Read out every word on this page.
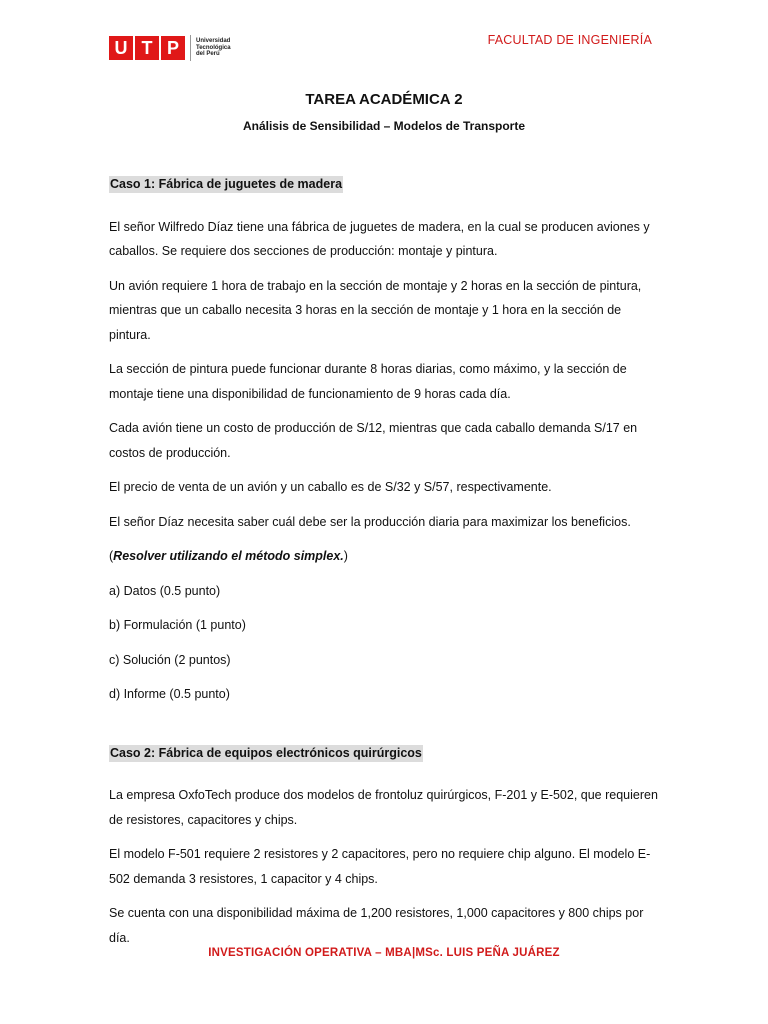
U T P	Universidad
Tecnológica
del Perú
FACULTAD DE INGENIERÍA
TAREA ACADÉMICA 2
Análisis de Sensibilidad – Modelos de Transporte

Caso 1: Fábrica de juguetes de madera

El señor Wilfredo Díaz tiene una fábrica de juguetes de madera, en la cual se producen aviones y caballos. Se requiere dos secciones de producción: montaje y pintura.

Un avión requiere 1 hora de trabajo en la sección de montaje y 2 horas en la sección de pintura, mientras que un caballo necesita 3 horas en la sección de montaje y 1 hora en la sección de pintura.

La sección de pintura puede funcionar durante 8 horas diarias, como máximo, y la sección de montaje tiene una disponibilidad de funcionamiento de 9 horas cada día.

Cada avión tiene un costo de producción de S/12, mientras que cada caballo demanda S/17 en costos de producción.

El precio de venta de un avión y un caballo es de S/32 y S/57, respectivamente.

El señor Díaz necesita saber cuál debe ser la producción diaria para maximizar los beneficios.

(Resolver utilizando el método simplex.)

a) Datos (0.5 punto)

b) Formulación (1 punto)

c) Solución (2 puntos)

d) Informe (0.5 punto)

Caso 2: Fábrica de equipos electrónicos quirúrgicos

La empresa OxfoTech produce dos modelos de frontoluz quirúrgicos, F-201 y E-502, que requieren de resistores, capacitores y chips.

El modelo F-501 requiere 2 resistores y 2 capacitores, pero no requiere chip alguno. El modelo E-502 demanda 3 resistores, 1 capacitor y 4 chips.

Se cuenta con una disponibilidad máxima de 1,200 resistores, 1,000 capacitores y 800 chips por día.

INVESTIGACIÓN OPERATIVA – MBA|MSc. LUIS PEÑA JUÁREZ
